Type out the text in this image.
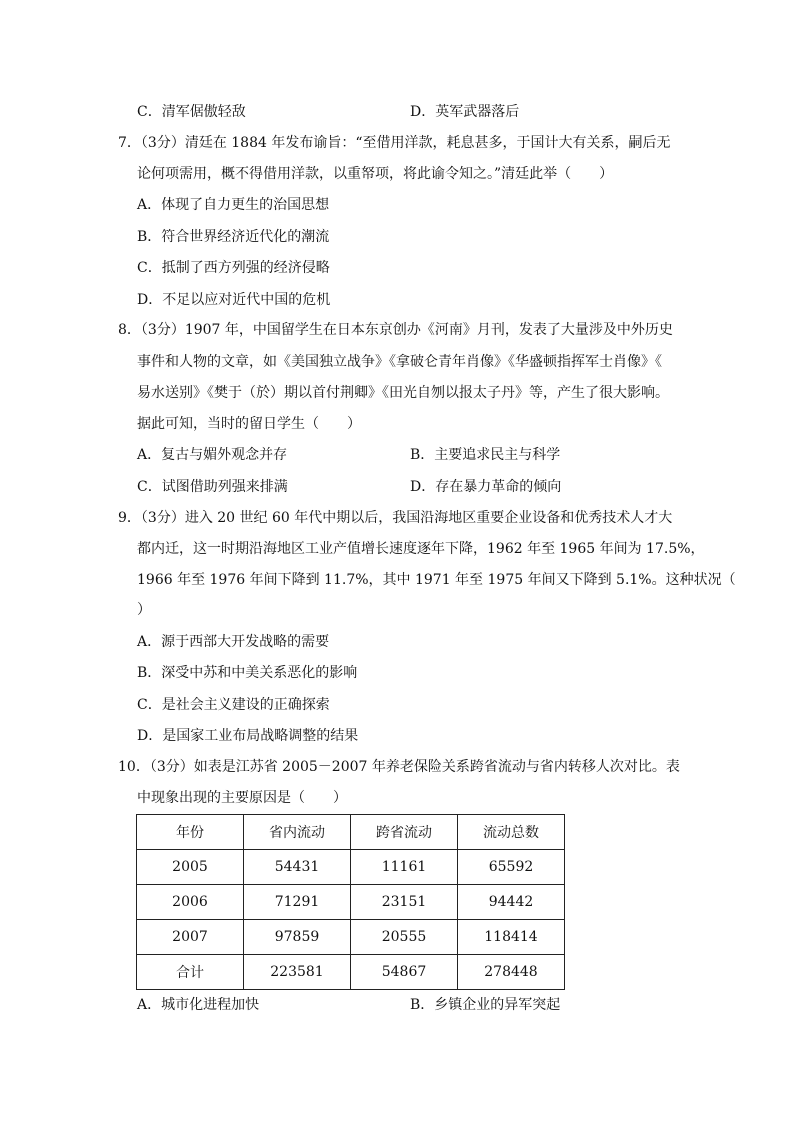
C．清军倨傲轻敌	D．英军武器落后
7．（3分）清廷在 1884 年发布谕旨：“至借用洋款，耗息甚多，于国计大有关系，嗣后无
论何项需用，概不得借用洋款，以重帑项，将此谕令知之。”清廷此举（　　）
A．体现了自力更生的治国思想
B．符合世界经济近代化的潮流
C．抵制了西方列强的经济侵略
D．不足以应对近代中国的危机
8．（3分）1907 年，中国留学生在日本东京创办《河南》月刊，发表了大量涉及中外历史
事件和人物的文章，如《美国独立战争》《拿破仑青年肖像》《华盛顿指挥军士肖像》《
易水送别》《樊于（於）期以首付荆卿》《田光自刎以报太子丹》等，产生了很大影响。
据此可知，当时的留日学生（　　）
A．复古与媚外观念并存	B．主要追求民主与科学
C．试图借助列强来排满	D．存在暴力革命的倾向
9．（3分）进入 20 世纪 60 年代中期以后，我国沿海地区重要企业设备和优秀技术人才大
都内迁，这一时期沿海地区工业产值增长速度逐年下降，1962 年至 1965 年间为 17.5%，
1966 年至 1976 年间下降到 11.7%，其中 1971 年至 1975 年间又下降到 5.1%。这种状况（
）
A．源于西部大开发战略的需要
B．深受中苏和中美关系恶化的影响
C．是社会主义建设的正确探索
D．是国家工业布局战略调整的结果
10．（3分）如表是江苏省 2005－2007 年养老保险关系跨省流动与省内转移人次对比。表
中现象出现的主要原因是（　　）
年份	省内流动	跨省流动	流动总数
2005	54431	11161	65592
2006	71291	23151	94442
2007	97859	20555	118414
合计	223581	54867	278448
A．城市化进程加快	B．乡镇企业的异军突起
